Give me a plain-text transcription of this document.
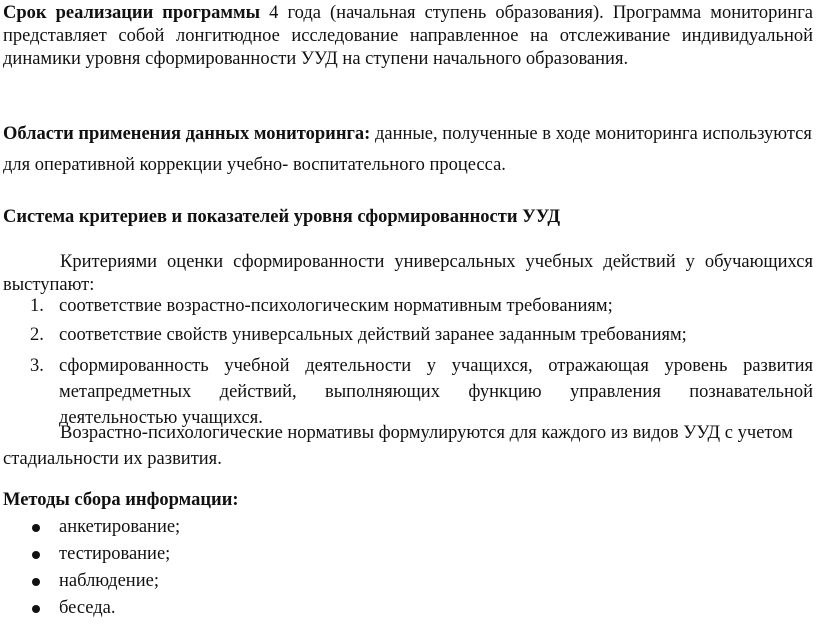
Срок реализации программы 4 года (начальная ступень образования). Программа мониторинга представляет собой лонгитюдное исследование направленное на отслеживание индивидуальной динамики уровня сформированности УУД на ступени начального образования.

Области применения данных мониторинга: данные, полученные в ходе мониторинга используются для оперативной коррекции учебно- воспитательного процесса.

Система критериев и показателей уровня сформированности УУД

Критериями оценки сформированности универсальных учебных действий у обучающихся выступают:

1. соответствие возрастно-психологическим нормативным требованиям;
2. соответствие свойств универсальных действий заранее заданным требованиям;
3. сформированность учебной деятельности у учащихся, отражающая уровень развития метапредметных действий, выполняющих функцию управления познавательной деятельностью учащихся.

Возрастно-психологические нормативы формулируются для каждого из видов УУД с учетом стадиальности их развития.

Методы сбора информации:

анкетирование;
тестирование;
наблюдение;
беседа.
